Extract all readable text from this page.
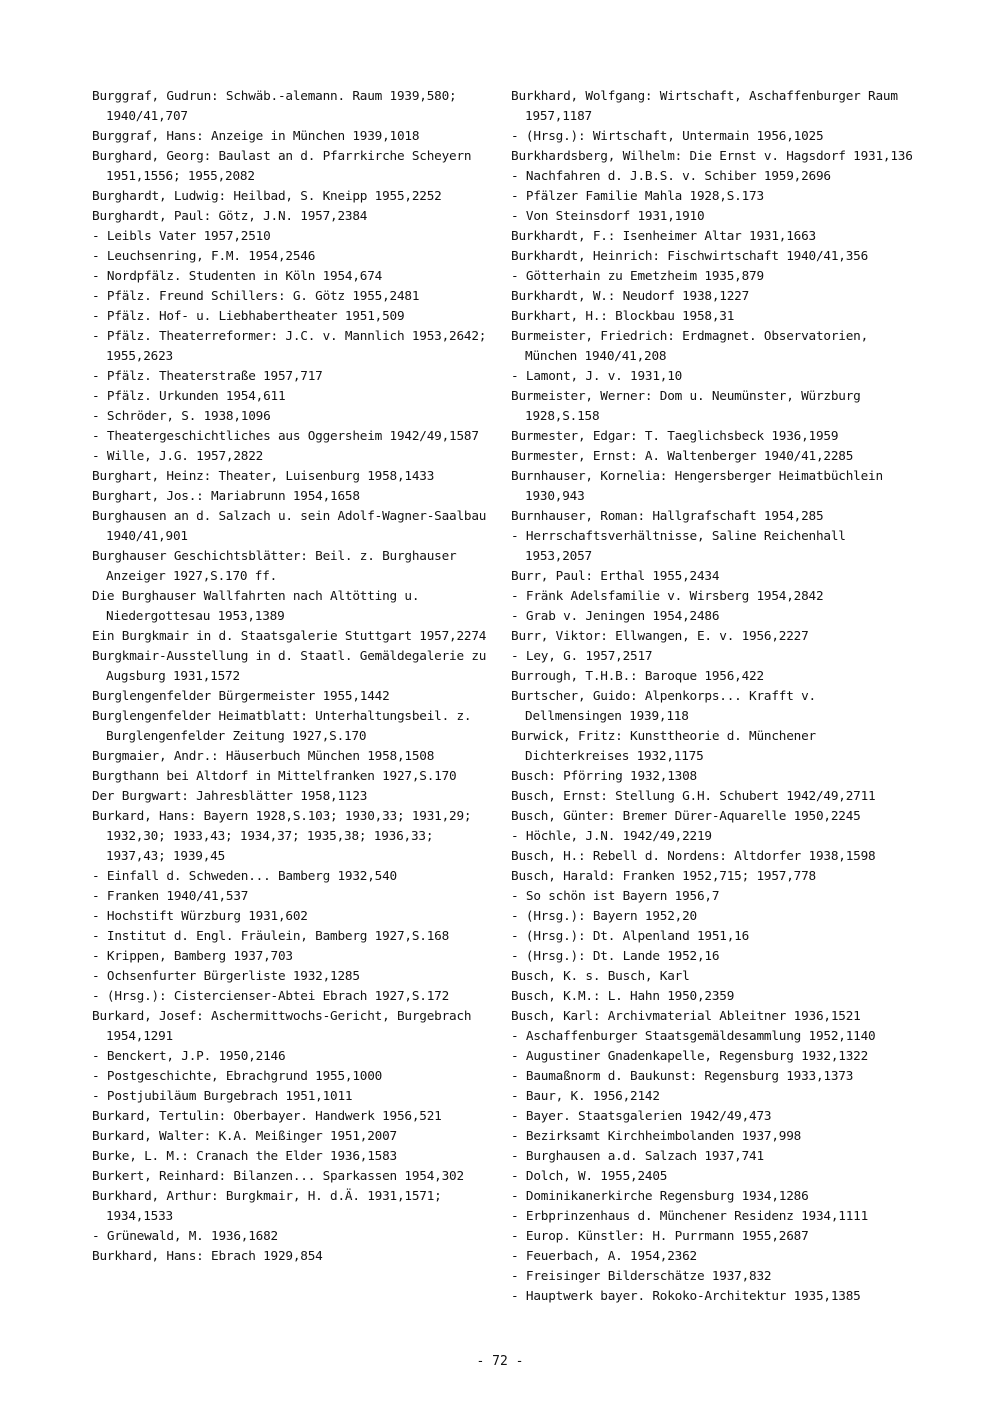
Burggraf, Gudrun: Schwäb.-alemann. Raum 1939,580; 1940/41,707
Burggraf, Hans: Anzeige in München 1939,1018
Burghard, Georg: Baulast an d. Pfarrkirche Scheyern 1951,1556; 1955,2082
Burghardt, Ludwig: Heilbad, S. Kneipp 1955,2252
Burghardt, Paul: Götz, J.N. 1957,2384
- Leibls Vater 1957,2510
- Leuchsenring, F.M. 1954,2546
- Nordpfälz. Studenten in Köln 1954,674
- Pfälz. Freund Schillers: G. Götz 1955,2481
- Pfälz. Hof- u. Liebhabertheater 1951,509
- Pfälz. Theaterreformer: J.C. v. Mannlich 1953,2642; 1955,2623
- Pfälz. Theaterstraße 1957,717
- Pfälz. Urkunden 1954,611
- Schröder, S. 1938,1096
- Theatergeschichtliches aus Oggersheim 1942/49,1587
- Wille, J.G. 1957,2822
Burghart, Heinz: Theater, Luisenburg 1958,1433
Burghart, Jos.: Mariabrunn 1954,1658
Burghausen an d. Salzach u. sein Adolf-Wagner-Saalbau 1940/41,901
Burghauser Geschichtsblätter: Beil. z. Burghauser Anzeiger 1927,S.170 ff.
Die Burghauser Wallfahrten nach Altötting u. Niedergottesau 1953,1389
Ein Burgkmair in d. Staatsgalerie Stuttgart 1957,2274
Burgkmair-Ausstellung in d. Staatl. Gemäldegalerie zu Augsburg 1931,1572
Burglengenfelder Bürgermeister 1955,1442
Burglengenfelder Heimatblatt: Unterhaltungsbeil. z. Burglengenfelder Zeitung 1927,S.170
Burgmaier, Andr.: Häuserbuch München 1958,1508
Burgthann bei Altdorf in Mittelfranken 1927,S.170
Der Burgwart: Jahresblätter 1958,1123
Burkard, Hans: Bayern 1928,S.103; 1930,33; 1931,29; 1932,30; 1933,43; 1934,37; 1935,38; 1936,33; 1937,43; 1939,45
- Einfall d. Schweden... Bamberg 1932,540
- Franken 1940/41,537
- Hochstift Würzburg 1931,602
- Institut d. Engl. Fräulein, Bamberg 1927,S.168
- Krippen, Bamberg 1937,703
- Ochsenfurter Bürgerliste 1932,1285
- (Hrsg.): Cistercienser-Abtei Ebrach 1927,S.172
Burkard, Josef: Aschermittwochs-Gericht, Burgebrach 1954,1291
- Benckert, J.P. 1950,2146
- Postgeschichte, Ebrachgrund 1955,1000
- Postjubiläum Burgebrach 1951,1011
Burkard, Tertulin: Oberbayer. Handwerk 1956,521
Burkard, Walter: K.A. Meißinger 1951,2007
Burke, L. M.: Cranach the Elder 1936,1583
Burkert, Reinhard: Bilanzen... Sparkassen 1954,302
Burkhard, Arthur: Burgkmair, H. d.Ä. 1931,1571; 1934,1533
- Grünewald, M. 1936,1682
Burkhard, Hans: Ebrach 1929,854
Burkhard, Wolfgang: Wirtschaft, Aschaffenburger Raum 1957,1187
- (Hrsg.): Wirtschaft, Untermain 1956,1025
Burkhardsberg, Wilhelm: Die Ernst v. Hagsdorf 1931,136
- Nachfahren d. J.B.S. v. Schiber 1959,2696
- Pfälzer Familie Mahla 1928,S.173
- Von Steinsdorf 1931,1910
Burkhardt, F.: Isenheimer Altar 1931,1663
Burkhardt, Heinrich: Fischwirtschaft 1940/41,356
- Götterhain zu Emetzheim 1935,879
Burkhardt, W.: Neudorf 1938,1227
Burkhart, H.: Blockbau 1958,31
Burmeister, Friedrich: Erdmagnet. Observatorien, München 1940/41,208
- Lamont, J. v. 1931,10
Burmeister, Werner: Dom u. Neumünster, Würzburg 1928,S.158
Burmester, Edgar: T. Taeglichsbeck 1936,1959
Burmester, Ernst: A. Waltenberger 1940/41,2285
Burnhauser, Kornelia: Hengersberger Heimatbüchlein 1930,943
Burnhauser, Roman: Hallgrafschaft 1954,285
- Herrschaftsverhältnisse, Saline Reichenhall 1953,2057
Burr, Paul: Erthal 1955,2434
- Fränk Adelsfamilie v. Wirsberg 1954,2842
- Grab v. Jeningen 1954,2486
Burr, Viktor: Ellwangen, E. v. 1956,2227
- Ley, G. 1957,2517
Burrough, T.H.B.: Baroque 1956,422
Burtscher, Guido: Alpenkorps... Krafft v. Dellmensingen 1939,118
Burwick, Fritz: Kunsttheorie d. Münchener Dichterkreises 1932,1175
Busch: Pförring 1932,1308
Busch, Ernst: Stellung G.H. Schubert 1942/49,2711
Busch, Günter: Bremer Dürer-Aquarelle 1950,2245
- Höchle, J.N. 1942/49,2219
Busch, H.: Rebell d. Nordens: Altdorfer 1938,1598
Busch, Harald: Franken 1952,715; 1957,778
- So schön ist Bayern 1956,7
- (Hrsg.): Bayern 1952,20
- (Hrsg.): Dt. Alpenland 1951,16
- (Hrsg.): Dt. Lande 1952,16
Busch, K. s. Busch, Karl
Busch, K.M.: L. Hahn 1950,2359
Busch, Karl: Archivmaterial Ableitner 1936,1521
- Aschaffenburger Staatsgemäldesammlung 1952,1140
- Augustiner Gnadenkapelle, Regensburg 1932,1322
- Baumaßnorm d. Baukunst: Regensburg 1933,1373
- Baur, K. 1956,2142
- Bayer. Staatsgalerien 1942/49,473
- Bezirksamt Kirchheimbolanden 1937,998
- Burghausen a.d. Salzach 1937,741
- Dolch, W. 1955,2405
- Dominikanerkirche Regensburg 1934,1286
- Erbprinzenhaus d. Münchener Residenz 1934,1111
- Europ. Künstler: H. Purrmann 1955,2687
- Feuerbach, A. 1954,2362
- Freisinger Bilderschätze 1937,832
- Hauptwerk bayer. Rokoko-Architektur 1935,1385
- 72 -
